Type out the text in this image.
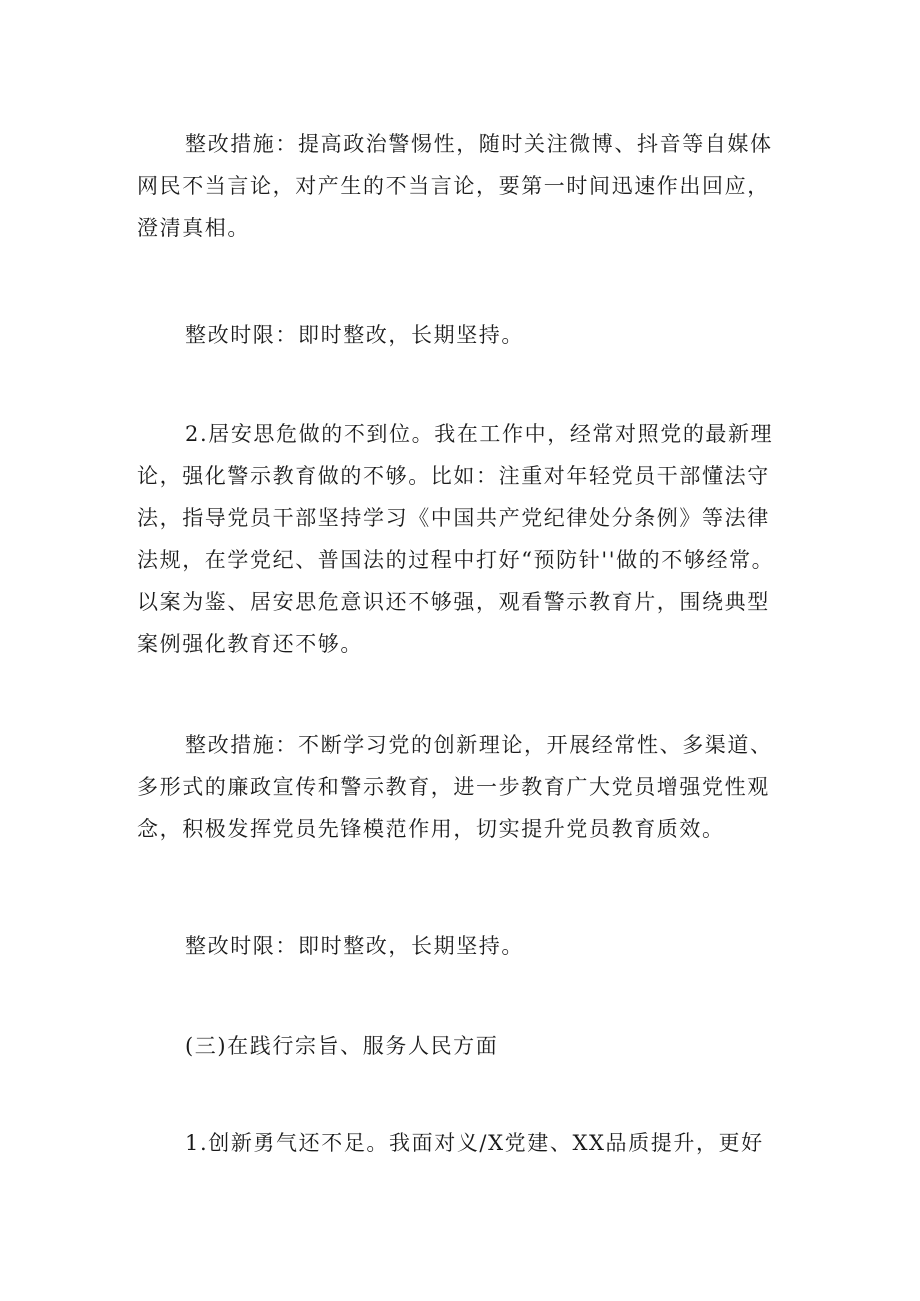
整改措施：提高政治警惕性，随时关注微博、抖音等自媒体
网民不当言论，对产生的不当言论，要第一时间迅速作出回应，
澄清真相。

整改时限：即时整改，长期坚持。

2.居安思危做的不到位。我在工作中，经常对照党的最新理
论，强化警示教育做的不够。比如：注重对年轻党员干部懂法守
法，指导党员干部坚持学习《中国共产党纪律处分条例》等法律
法规，在学党纪、普国法的过程中打好“预防针''做的不够经常。
以案为鉴、居安思危意识还不够强，观看警示教育片，围绕典型
案例强化教育还不够。

整改措施：不断学习党的创新理论，开展经常性、多渠道、
多形式的廉政宣传和警示教育，进一步教育广大党员增强党性观
念，积极发挥党员先锋模范作用，切实提升党员教育质效。

整改时限：即时整改，长期坚持。

(三)在践行宗旨、服务人民方面

1.创新勇气还不足。我面对义/X党建、XX品质提升，更好
